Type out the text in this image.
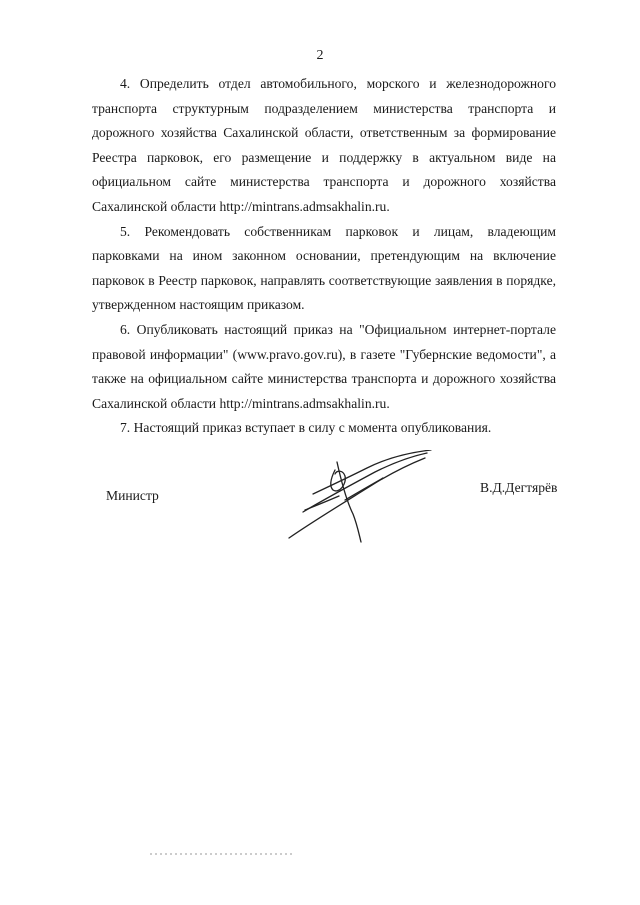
2

4. Определить отдел автомобильного, морского и железнодорожного транспорта структурным подразделением министерства транспорта и дорожного хозяйства Сахалинской области, ответственным за формирование Реестра парковок, его размещение и поддержку в актуальном виде на официальном сайте министерства транспорта и дорожного хозяйства Сахалинской области http://mintrans.admsakhalin.ru.

5. Рекомендовать собственникам парковок и лицам, владеющим парковками на ином законном основании, претендующим на включение парковок в Реестр парковок, направлять соответствующие заявления в порядке, утвержденном настоящим приказом.

6. Опубликовать настоящий приказ на "Официальном интернет-портале правовой информации" (www.pravo.gov.ru), в газете "Губернские ведомости", а также на официальном сайте министерства транспорта и дорожного хозяйства Сахалинской области http://mintrans.admsakhalin.ru.

7. Настоящий приказ вступает в силу с момента опубликования.

Министр
В.Д.Дегтярёв
